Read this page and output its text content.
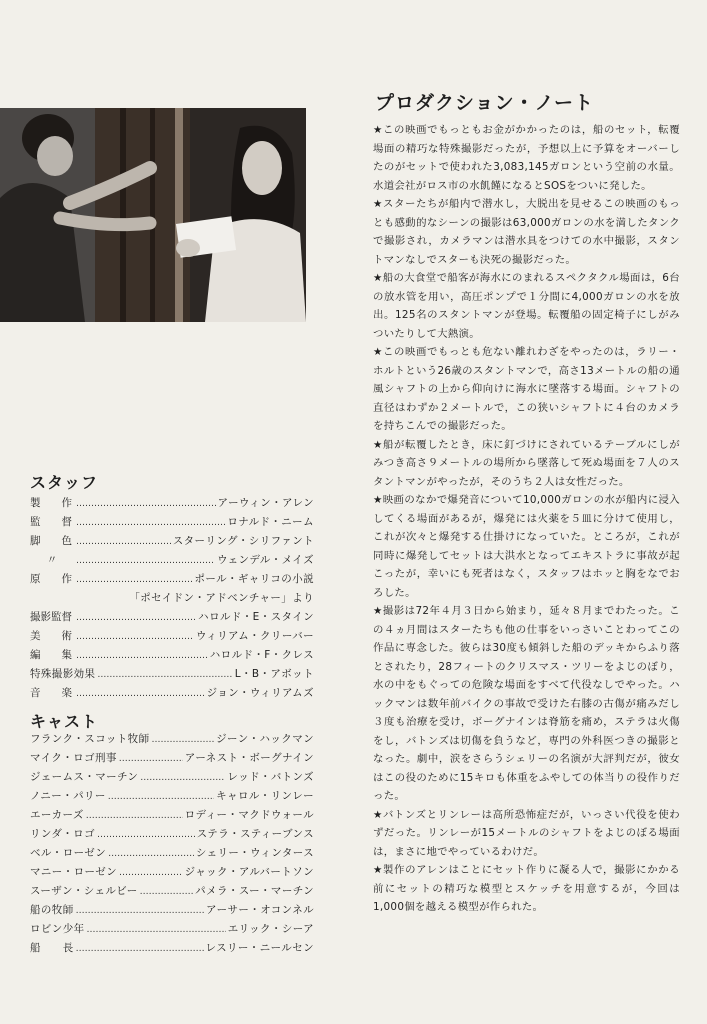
スタッフ
製　　作 …………………………………………………………………………………………………………………	アーウィン・アレン
監　　督 …………………………………………………………………………………………………………………	ロナルド・ニーム
脚　　色 …………………………………………………………………………………………………………………	スターリング・シリファント
〃 …………………………………………………………………………………………………………………	ウェンデル・メイズ
原　　作 …………………………………………………………………………………………………………………	ポール・ギャリコの小説
「ポセイドン・アドベンチャー」より
撮影監督 …………………………………………………………………………………………………………………	ハロルド・E・スタイン
美　　術 …………………………………………………………………………………………………………………	ウィリアム・クリーバー
編　　集 …………………………………………………………………………………………………………………	ハロルド・F・クレス
特殊撮影効果 …………………………………………………………………………………………………………………	L・B・アボット
音　　楽 …………………………………………………………………………………………………………………	ジョン・ウィリアムズ
キャスト
フランク・スコット牧師 …………………………………………………………………………………………………………………	ジーン・ハックマン
マイク・ロゴ刑事 …………………………………………………………………………………………………………………	アーネスト・ボーグナイン
ジェームス・マーチン …………………………………………………………………………………………………………………	レッド・バトンズ
ノニー・パリー …………………………………………………………………………………………………………………	キャロル・リンレー
エーカーズ …………………………………………………………………………………………………………………	ロディー・マクドウォール
リンダ・ロゴ …………………………………………………………………………………………………………………	ステラ・スティーブンス
ベル・ローゼン …………………………………………………………………………………………………………………	シェリー・ウィンタース
マニー・ローゼン …………………………………………………………………………………………………………………	ジャック・アルバートソン
スーザン・シェルビー …………………………………………………………………………………………………………………	パメラ・スー・マーチン
船の牧師 …………………………………………………………………………………………………………………	アーサー・オコンネル
ロビン少年 …………………………………………………………………………………………………………………	エリック・シーア
船　　長 …………………………………………………………………………………………………………………	レスリー・ニールセン
プロダクション・ノート

★この映画でもっともお金がかかったのは，船のセット，転覆場面の精巧な特殊撮影だったが，予想以上に予算をオーバーしたのがセットで使われた3,083,145ガロンという空前の水量。水道会社がロス市の水飢饉になるとSOSをついに発した。

★スターたちが船内で潜水し，大脱出を見せるこの映画のもっとも感動的なシーンの撮影は63,000ガロンの水を満したタンクで撮影され，カメラマンは潜水具をつけての水中撮影，スタントマンなしでスターも決死の撮影だった。

★船の大食堂で船客が海水にのまれるスペクタクル場面は，6台の放水管を用い，高圧ポンプで１分間に4,000ガロンの水を放出。125名のスタントマンが登場。転覆船の固定椅子にしがみついたりして大熱演。

★この映画でもっとも危ない離れわざをやったのは，ラリー・ホルトという26歳のスタントマンで，高さ13メートルの船の通風シャフトの上から仰向けに海水に墜落する場面。シャフトの直径はわずか２メートルで，この狭いシャフトに４台のカメラを持ちこんでの撮影だった。

★船が転覆したとき，床に釘づけにされているテーブルにしがみつき高さ９メートルの場所から墜落して死ぬ場面を７人のスタントマンがやったが，そのうち２人は女性だった。

★映画のなかで爆発音について10,000ガロンの水が船内に浸入してくる場面があるが，爆発には火薬を５皿に分けて使用し，これが次々と爆発する仕掛けになっていた。ところが，これが同時に爆発してセットは大洪水となってエキストラに事故が起こったが，幸いにも死者はなく，スタッフはホッと胸をなでおろした。

★撮影は72年４月３日から始まり，延々８月までわたった。この４ヵ月間はスターたちも他の仕事をいっさいことわってこの作品に専念した。彼らは30度も傾斜した船のデッキからふり落とされたり，28フィートのクリスマス・ツリーをよじのぼり，水の中をもぐっての危険な場面をすべて代役なしでやった。ハックマンは数年前バイクの事故で受けた右膝の古傷が痛みだし３度も治療を受け，ボーグナインは脊筋を痛め，ステラは火傷をし，バトンズは切傷を負うなど，専門の外科医つきの撮影となった。劇中，涙をさらうシェリーの名演が大評判だが，彼女はこの役のために15キロも体重をふやしての体当りの役作りだった。

★バトンズとリンレーは高所恐怖症だが，いっさい代役を使わずだった。リンレーが15メートルのシャフトをよじのぼる場面は，まさに地でやっているわけだ。

★製作のアレンはことにセット作りに凝る人で，撮影にかかる前にセットの精巧な模型とスケッチを用意するが，今回は1,000個を越える模型が作られた。
